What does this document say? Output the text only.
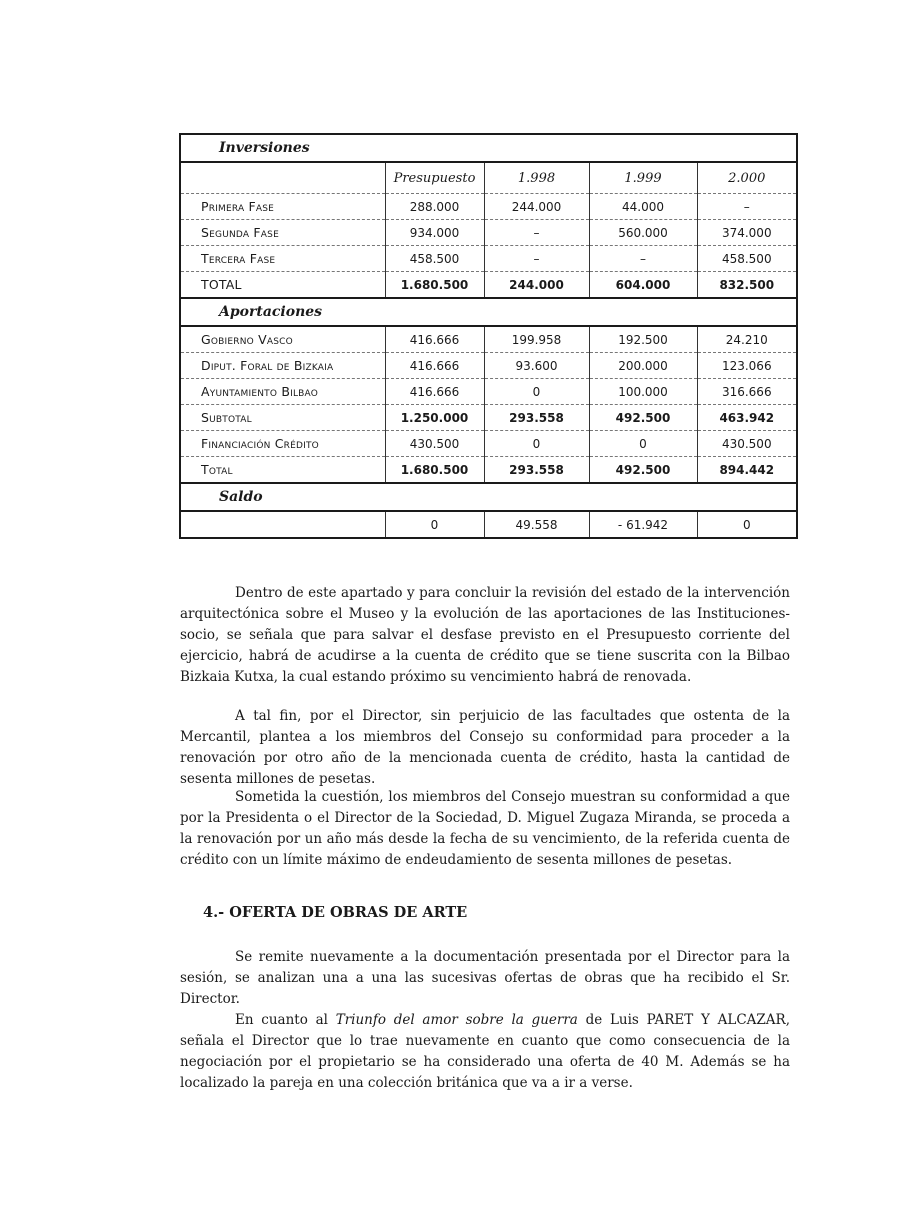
Inversiones				
	Presupuesto	1.998	1.999	2.000
Primera Fase	288.000	244.000	44.000	–
Segunda Fase	934.000	–	560.000	374.000
Tercera Fase	458.500	–	–	458.500
TOTAL	1.680.500	244.000	604.000	832.500
Aportaciones				
Gobierno Vasco	416.666	199.958	192.500	24.210
Diput. Foral de Bizkaia	416.666	93.600	200.000	123.066
Ayuntamiento Bilbao	416.666	0	100.000	316.666
Subtotal	1.250.000	293.558	492.500	463.942
Financiación Crédito	430.500	0	0	430.500
Total	1.680.500	293.558	492.500	894.442
Saldo				
	0	49.558	- 61.942	0

Dentro de este apartado y para concluir la revisión del estado de la intervención arquitectónica sobre el Museo y la evolución de las aportaciones de las Instituciones-socio, se señala que para salvar el desfase previsto en el Presupuesto corriente del ejercicio, habrá de acudirse a la cuenta de crédito que se tiene suscrita con la Bilbao Bizkaia Kutxa, la cual estando próximo su vencimiento habrá de renovada.

A tal fin, por el Director, sin perjuicio de las facultades que ostenta de la Mercantil, plantea a los miembros del Consejo su conformidad para proceder a la renovación por otro año de la mencionada cuenta de crédito, hasta la cantidad de sesenta millones de pesetas.

Sometida la cuestión, los miembros del Consejo muestran su conformidad a que por la Presidenta o el Director de la Sociedad, D. Miguel Zugaza Miranda, se proceda a la renovación por un año más desde la fecha de su vencimiento, de la referida cuenta de crédito con un límite máximo de endeudamiento de sesenta millones de pesetas.

4.- OFERTA DE OBRAS DE ARTE

Se remite nuevamente a la documentación presentada por el Director para la sesión, se analizan una a una las sucesivas ofertas de obras que ha recibido el Sr. Director.

En cuanto al Triunfo del amor sobre la guerra de Luis PARET Y ALCAZAR, señala el Director que lo trae nuevamente en cuanto que como consecuencia de la negociación por el propietario se ha considerado una oferta de 40 M. Además se ha localizado la pareja en una colección británica que va a ir a verse.
